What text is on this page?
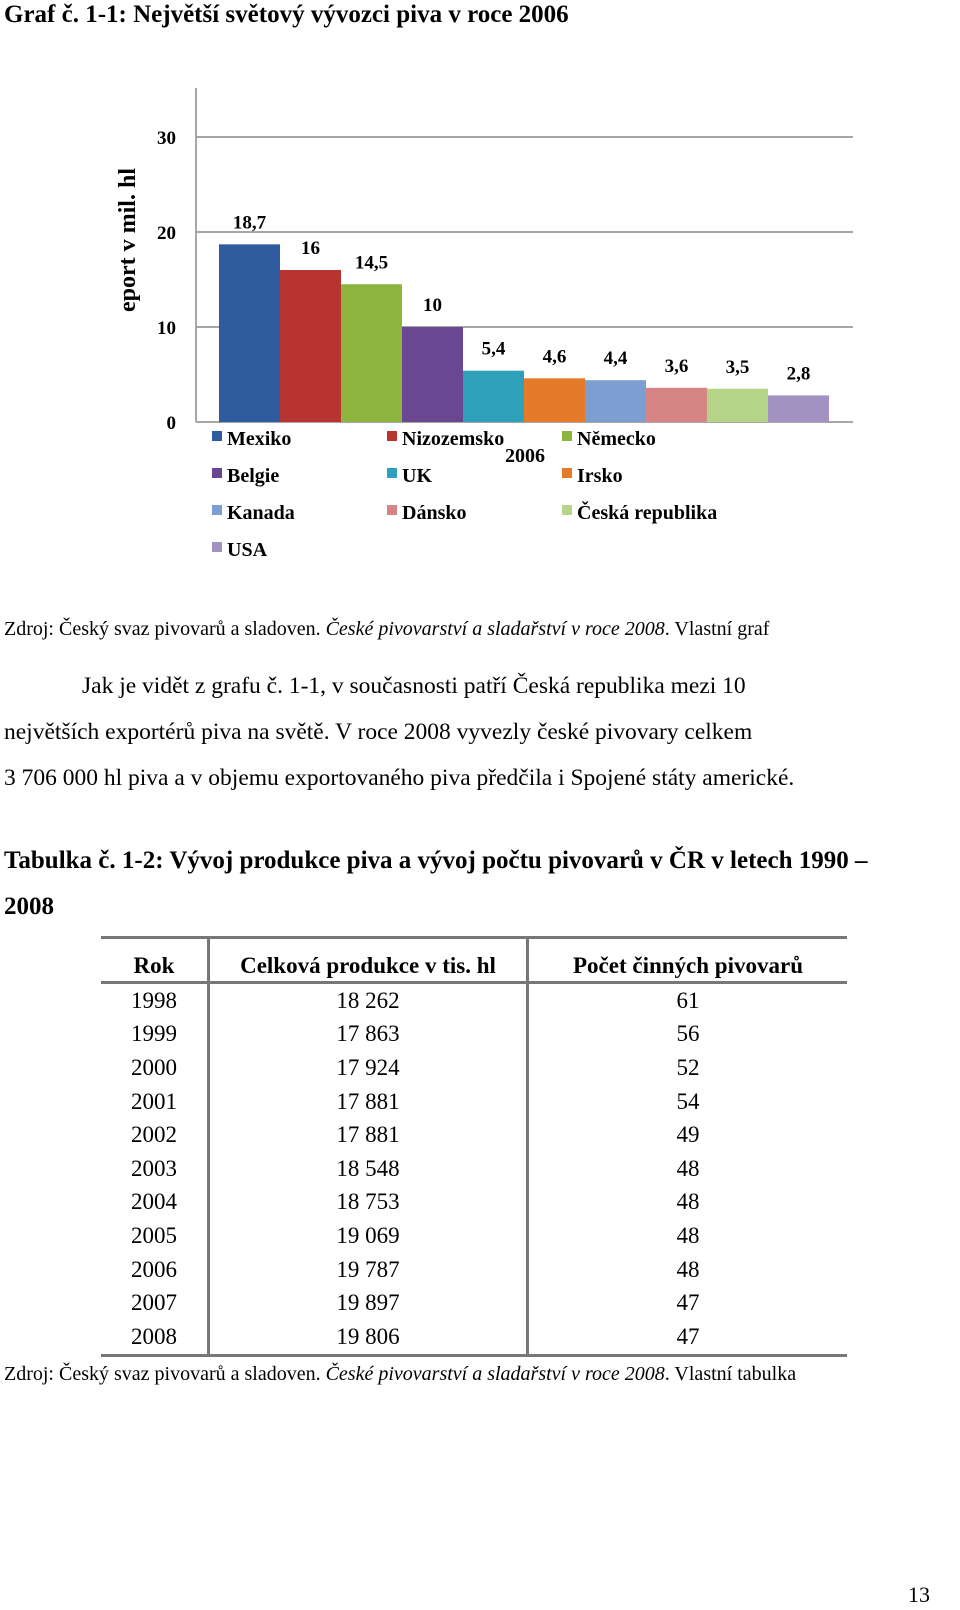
Graf č. 1-1: Největší světový vývozci piva v roce 2006
0
10
20
30
eport v mil. hl	18,7
16
14,5
10
5,4 4,6 4,4 3,6 3,5 2,8
2006
Mexiko	Nizozemsko	Německo
Belgie	UK	Irsko
Kanada	Dánsko	Česká republika
USA
Zdroj: Český svaz pivovarů a sladoven. České pivovarství a sladařství v roce 2008. Vlastní graf
Jak je vidět z grafu č. 1-1, v současnosti patří Česká republika mezi 10
největších exportérů piva na světě. V roce 2008 vyvezly české pivovary celkem
3 706 000 hl piva a v objemu exportovaného piva předčila i Spojené státy americké.
Tabulka č. 1-2: Vývoj produkce piva a vývoj počtu pivovarů v ČR v letech 1990 –
2008
Rok	Celková produkce v tis. hl	Počet činných pivovarů
1998	18 262	61
1999	17 863	56
2000	17 924	52
2001	17 881	54
2002	17 881	49
2003	18 548	48
2004	18 753	48
2005	19 069	48
2006	19 787	48
2007	19 897	47
2008	19 806	47
Zdroj: Český svaz pivovarů a sladoven. České pivovarství a sladařství v roce 2008. Vlastní tabulka
13
